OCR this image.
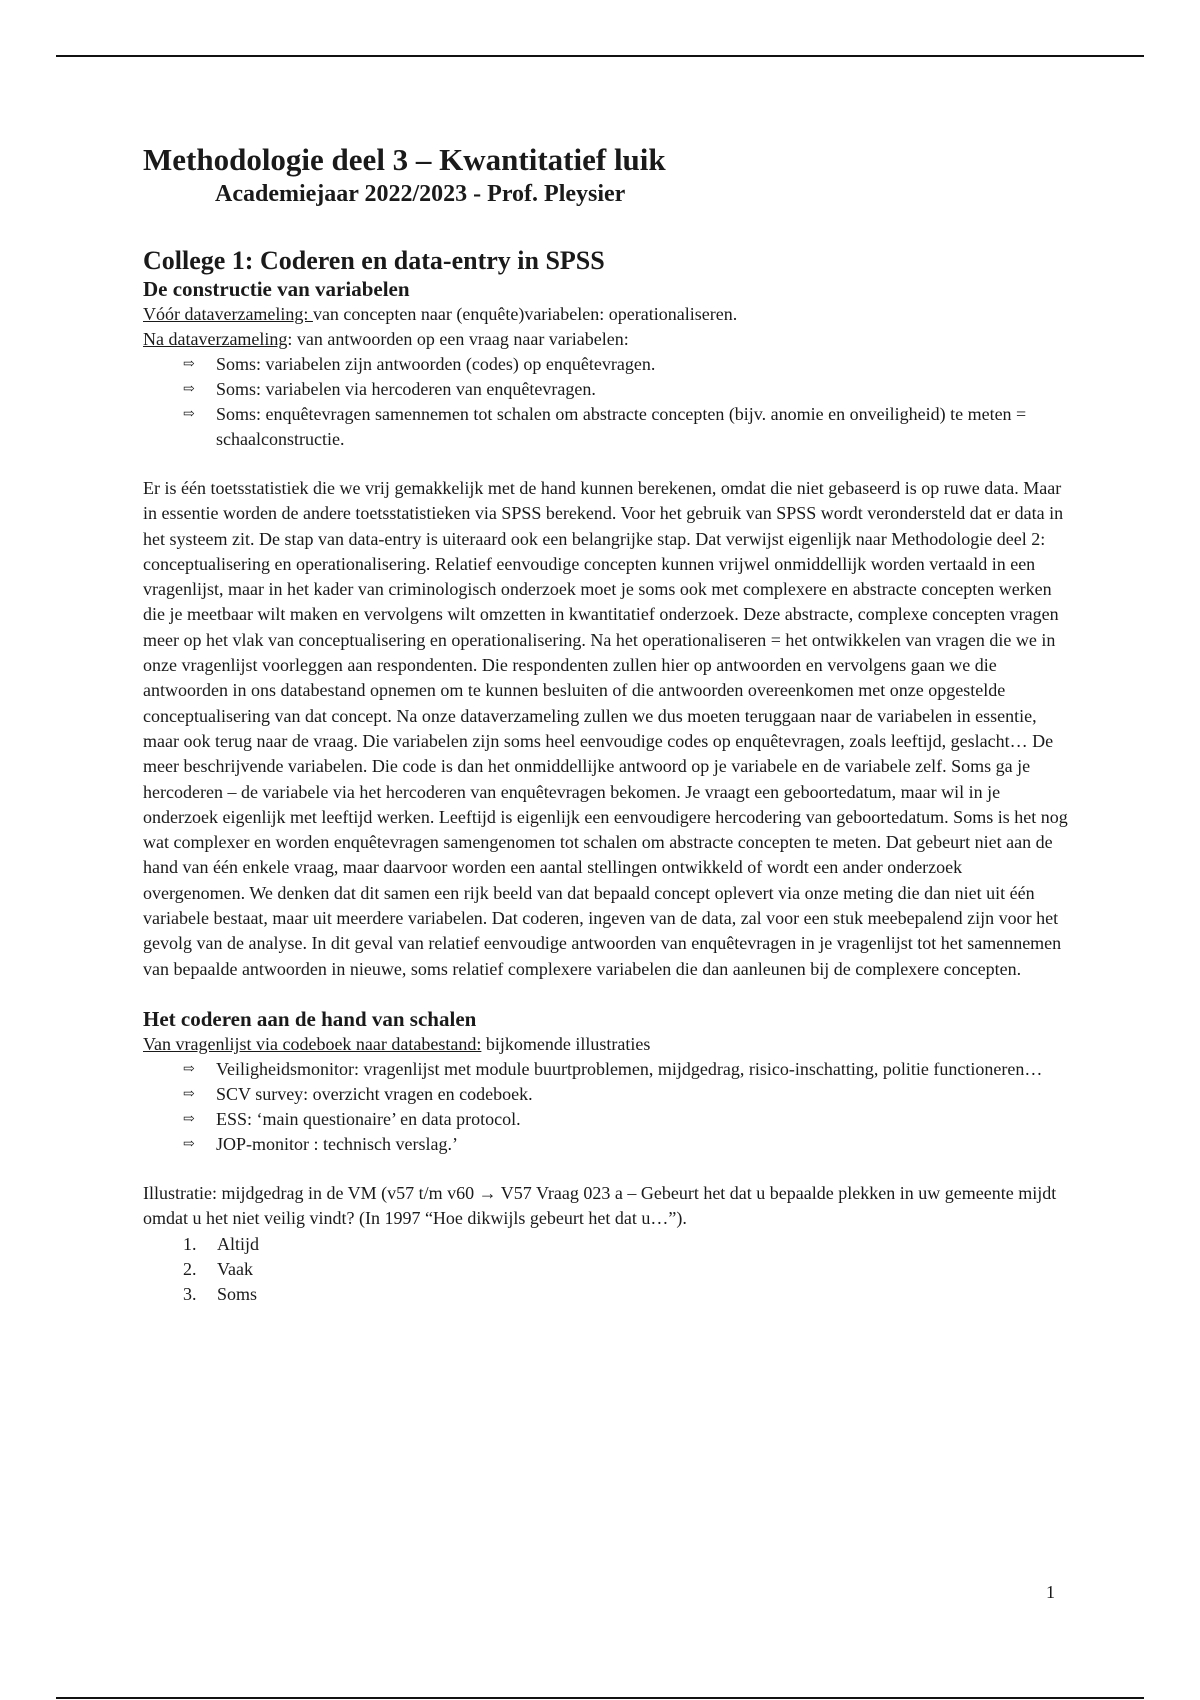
Methodologie deel 3 – Kwantitatief luik
Academiejaar 2022/2023 - Prof. Pleysier
College 1: Coderen en data-entry in SPSS
De constructie van variabelen

Vóór dataverzameling: van concepten naar (enquête)variabelen: operationaliseren.

Na dataverzameling: van antwoorden op een vraag naar variabelen:

⇨ Soms: variabelen zijn antwoorden (codes) op enquêtevragen.
⇨ Soms: variabelen via hercoderen van enquêtevragen.
⇨ Soms: enquêtevragen samennemen tot schalen om abstracte concepten (bijv. anomie en onveiligheid) te meten = schaalconstructie.

Er is één toetsstatistiek die we vrij gemakkelijk met de hand kunnen berekenen, omdat die niet gebaseerd is op ruwe data. Maar in essentie worden de andere toetsstatistieken via SPSS berekend. Voor het gebruik van SPSS wordt verondersteld dat er data in het systeem zit. De stap van data-entry is uiteraard ook een belangrijke stap. Dat verwijst eigenlijk naar Methodologie deel 2: conceptualisering en operationalisering. Relatief eenvoudige concepten kunnen vrijwel onmiddellijk worden vertaald in een vragenlijst, maar in het kader van criminologisch onderzoek moet je soms ook met complexere en abstracte concepten werken die je meetbaar wilt maken en vervolgens wilt omzetten in kwantitatief onderzoek. Deze abstracte, complexe concepten vragen meer op het vlak van conceptualisering en operationalisering. Na het operationaliseren = het ontwikkelen van vragen die we in onze vragenlijst voorleggen aan respondenten. Die respondenten zullen hier op antwoorden en vervolgens gaan we die antwoorden in ons databestand opnemen om te kunnen besluiten of die antwoorden overeenkomen met onze opgestelde conceptualisering van dat concept. Na onze dataverzameling zullen we dus moeten teruggaan naar de variabelen in essentie, maar ook terug naar de vraag. Die variabelen zijn soms heel eenvoudige codes op enquêtevragen, zoals leeftijd, geslacht… De meer beschrijvende variabelen. Die code is dan het onmiddellijke antwoord op je variabele en de variabele zelf. Soms ga je hercoderen – de variabele via het hercoderen van enquêtevragen bekomen. Je vraagt een geboortedatum, maar wil in je onderzoek eigenlijk met leeftijd werken. Leeftijd is eigenlijk een eenvoudigere hercodering van geboortedatum. Soms is het nog wat complexer en worden enquêtevragen samengenomen tot schalen om abstracte concepten te meten. Dat gebeurt niet aan de hand van één enkele vraag, maar daarvoor worden een aantal stellingen ontwikkeld of wordt een ander onderzoek overgenomen. We denken dat dit samen een rijk beeld van dat bepaald concept oplevert via onze meting die dan niet uit één variabele bestaat, maar uit meerdere variabelen. Dat coderen, ingeven van de data, zal voor een stuk meebepalend zijn voor het gevolg van de analyse. In dit geval van relatief eenvoudige antwoorden van enquêtevragen in je vragenlijst tot het samennemen van bepaalde antwoorden in nieuwe, soms relatief complexere variabelen die dan aanleunen bij de complexere concepten.

Het coderen aan de hand van schalen

Van vragenlijst via codeboek naar databestand: bijkomende illustraties

⇨ Veiligheidsmonitor: vragenlijst met module buurtproblemen, mijdgedrag, risico-inschatting, politie functioneren…
⇨ SCV survey: overzicht vragen en codeboek.
⇨ ESS: ‘main questionaire’ en data protocol.
⇨ JOP-monitor : technisch verslag.’

Illustratie: mijdgedrag in de VM (v57 t/m v60 → V57 Vraag 023 a – Gebeurt het dat u bepaalde plekken in uw gemeente mijdt omdat u het niet veilig vindt? (In 1997 “Hoe dikwijls gebeurt het dat u…”).

1. Altijd
2. Vaak
3. Soms
1
